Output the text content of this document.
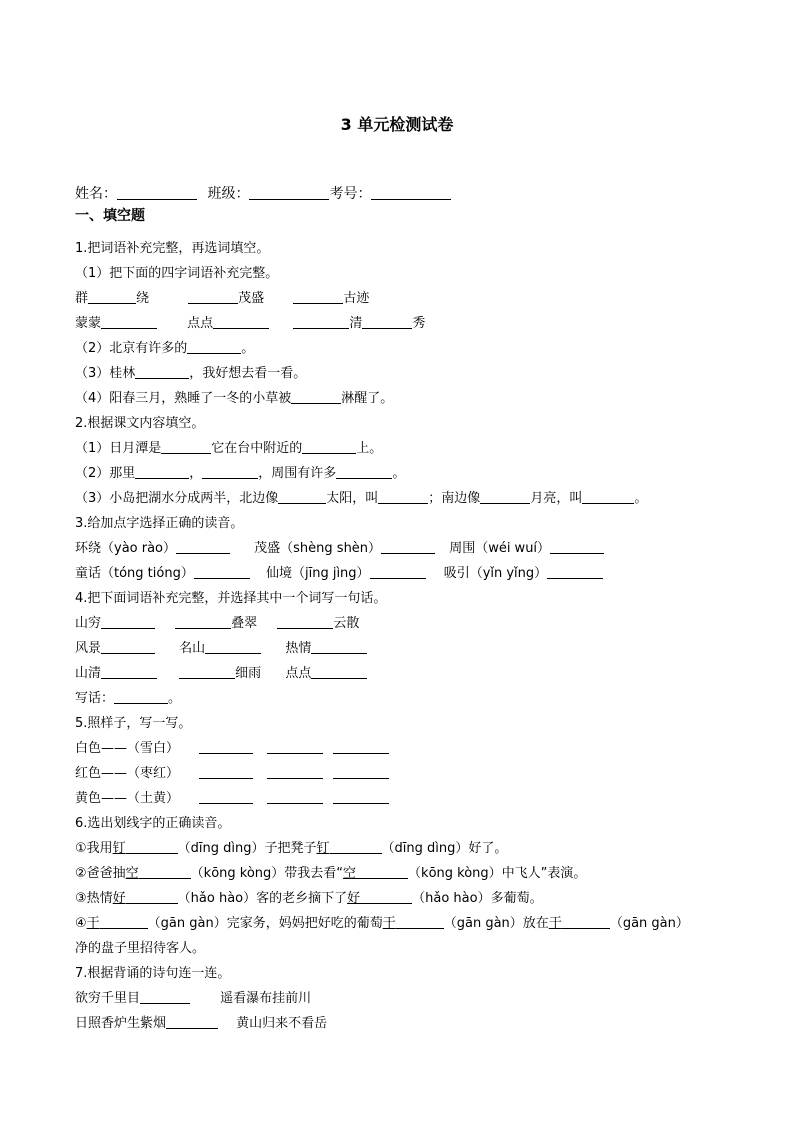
3 单元检测试卷
姓名：	班级：	考号：
一、填空题
1.把词语补充完整，再选词填空。
（1）把下面的四字词语补充完整。
群	绕	茂盛	古迹
蒙蒙	点点	清	秀
（2）北京有许多的	。
（3）桂林	，我好想去看一看。
（4）阳春三月，熟睡了一冬的小草被	淋醒了。
2.根据课文内容填空。
（1）日月潭是	它在台中附近的	上。
（2）那里	，	，周围有许多	。
（3）小岛把湖水分成两半，北边像	太阳，叫	；南边像	月亮，叫	。
3.给加点字选择正确的读音。
环绕（yào rào）	茂盛（shèng shèn）	周围（wéi wuí）
童话（tóng tióng）	仙境（jīng jìng）	吸引（yǐn yǐng）
4.把下面词语补充完整，并选择其中一个词写一句话。
山穷	叠翠	云散
风景	名山	热情
山清	细雨 点点
写话：	。
5.照样子，写一写。
白色——（雪白）
红色——（枣红）
黄色——（土黄）
6.选出划线字的正确读音。
①我用钉	（dīng dìng）子把凳子钉	（dīng dìng）好了。
②爸爸抽空	（kōng kòng）带我去看“空	（kōng kòng）中飞人”表演。
③热情好	（hǎo hào）客的老乡摘下了好	（hǎo hào）多葡萄。
④干	（gān gàn）完家务，妈妈把好吃的葡萄干	（gān gàn）放在干	（gān gàn）
净的盘子里招待客人。
7.根据背诵的诗句连一连。
欲穷千里目	遥看瀑布挂前川
日照香炉生紫烟	黄山归来不看岳
